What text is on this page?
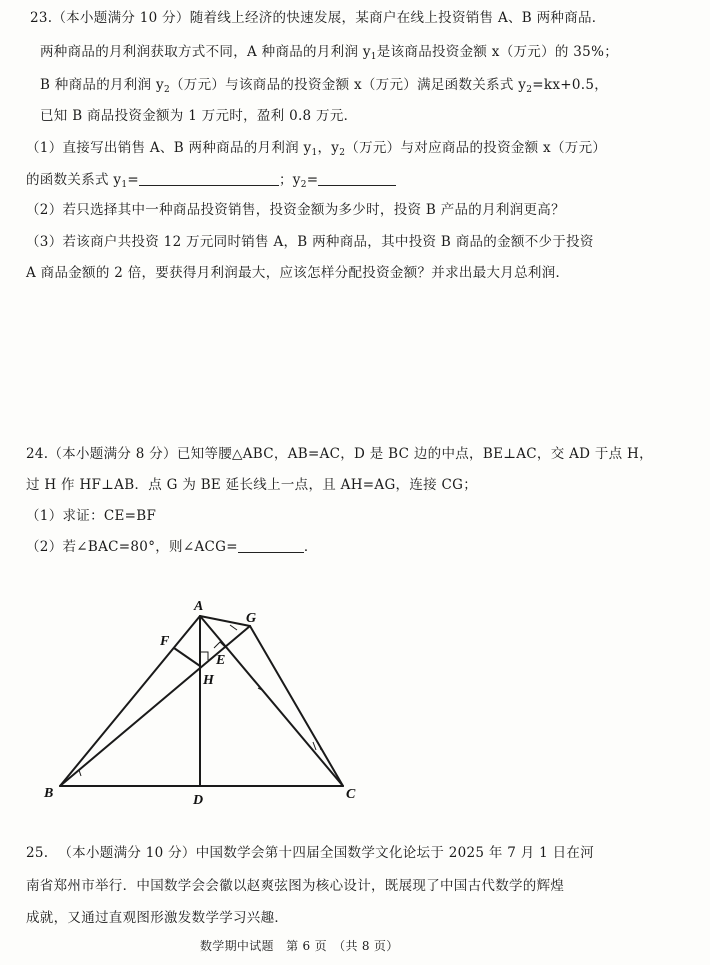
23.（本小题满分 10 分）随着线上经济的快速发展，某商户在线上投资销售 A、B 两种商品．
两种商品的月利润获取方式不同，A 种商品的月利润 $y_1$是该商品投资金额 x（万元）的 35%；
B 种商品的月利润 $y_2$（万元）与该商品的投资金额 x（万元）满足函数关系式 $y_2=kx+0.5$，
已知 B 商品投资金额为 1 万元时，盈利 0.8 万元．
（1）直接写出销售 A、B 两种商品的月利润 $y_1$，$y_2$（万元）与对应商品的投资金额 x（万元）
的函数关系式 $y_1=$	；$y_2=$
（2）若只选择其中一种商品投资销售，投资金额为多少时，投资 B 产品的月利润更高？
（3）若该商户共投资 12 万元同时销售 A，B 两种商品，其中投资 B 商品的金额不少于投资
A 商品金额的 2 倍，要获得月利润最大，应该怎样分配投资金额？并求出最大月总利润．
24.（本小题满分 8 分）已知等腰△ABC，AB=AC，D 是 BC 边的中点，BE⊥AC，交 AD 于点 H，
过 H 作 HF⊥AB．点 G 为 BE 延长线上一点，且 AH=AG，连接 CG；
（1）求证：CE=BF
（2）若∠BAC=80°，则∠ACG=	．
A
B	C
D
E
F
G
H
25. （本小题满分 10 分）中国数学会第十四届全国数学文化论坛于 2025 年 7 月 1 日在河
南省郑州市举行．中国数学会会徽以赵爽弦图为核心设计，既展现了中国古代数学的辉煌
成就，又通过直观图形激发数学学习兴趣．
数学期中试题　第 6 页　（共 8 页）
